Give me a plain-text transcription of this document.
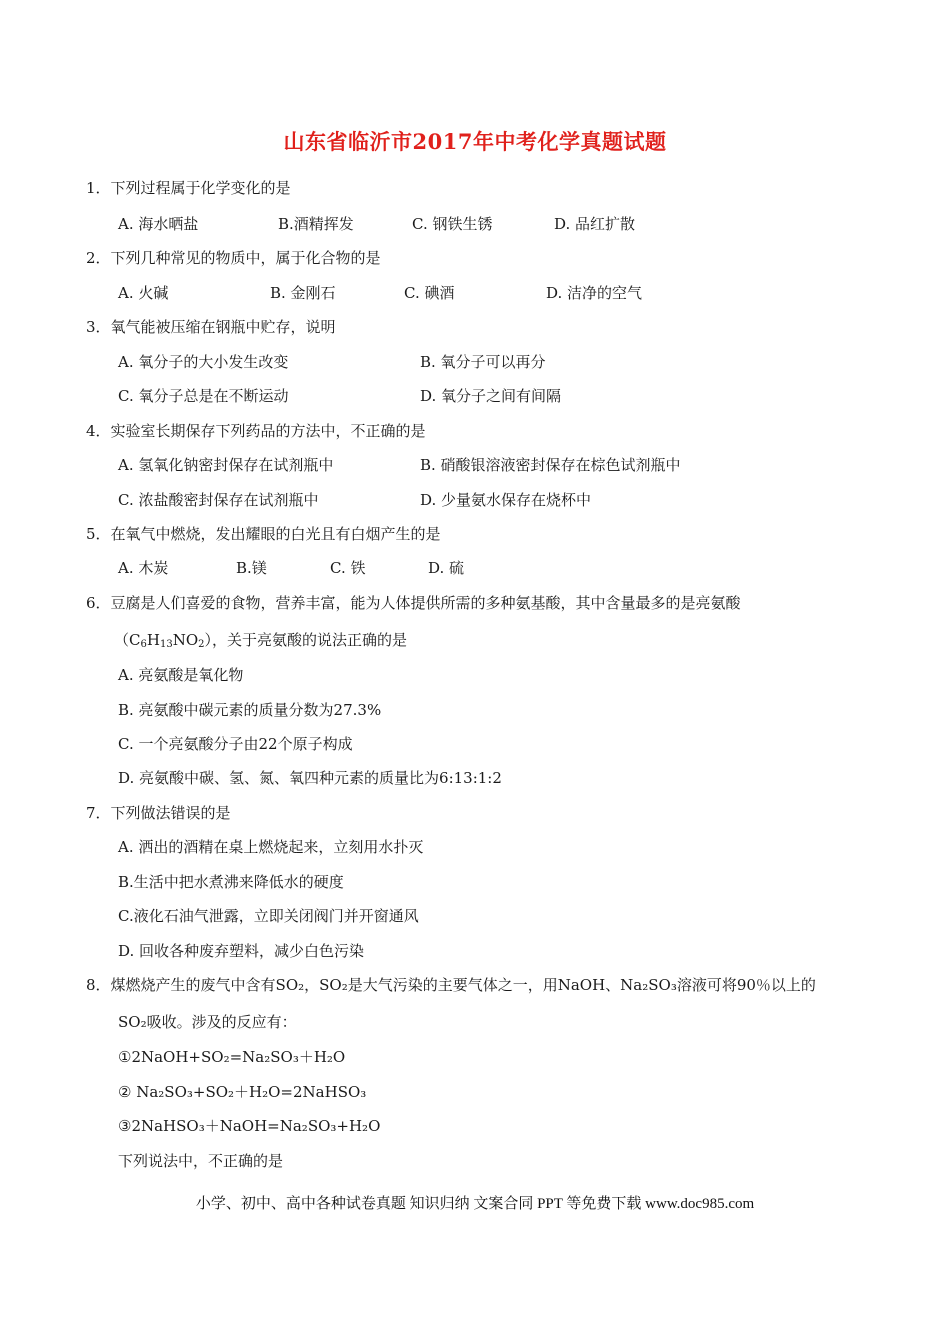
山东省临沂市2017年中考化学真题试题
1．下列过程属于化学变化的是
A. 海水晒盐	B.酒精挥发	C. 钢铁生锈	D. 品红扩散
2．下列几种常见的物质中，属于化合物的是
A. 火碱	B. 金刚石	C. 碘酒	D. 洁净的空气
3．氧气能被压缩在钢瓶中贮存，说明
A. 氧分子的大小发生改变	B. 氧分子可以再分
C. 氧分子总是在不断运动	D. 氧分子之间有间隔
4．实验室长期保存下列药品的方法中，不正确的是
A. 氢氧化钠密封保存在试剂瓶中	B. 硝酸银溶液密封保存在棕色试剂瓶中
C. 浓盐酸密封保存在试剂瓶中	D. 少量氨水保存在烧杯中
5．在氧气中燃烧，发出耀眼的白光且有白烟产生的是
A. 木炭	B.镁	C. 铁	D. 硫
6．豆腐是人们喜爱的食物，营养丰富，能为人体提供所需的多种氨基酸，其中含量最多的是亮氨酸
$(C_6H_{13}NO_2)$，关于亮氨酸的说法正确的是
A. 亮氨酸是氧化物
B. 亮氨酸中碳元素的质量分数为27.3%
C. 一个亮氨酸分子由22个原子构成
D. 亮氨酸中碳、氢、氮、氧四种元素的质量比为6:13:1:2
7．下列做法错误的是
A. 洒出的酒精在桌上燃烧起来，立刻用水扑灭
B.生活中把水煮沸来降低水的硬度
C.液化石油气泄露，立即关闭阀门并开窗通风
D. 回收各种废弃塑料，减少白色污染
8．煤燃烧产生的废气中含有SO₂，SO₂是大气污染的主要气体之一，用NaOH、Na₂SO₃溶液可将90％以上的
SO₂吸收。涉及的反应有：
①2NaOH+SO₂=Na₂SO₃＋H₂O
② Na₂SO₃+SO₂＋H₂O=2NaHSO₃
③2NaHSO₃＋NaOH=Na₂SO₃+H₂O
下列说法中，不正确的是
小学、初中、高中各种试卷真题 知识归纳 文案合同 PPT 等免费下载 www.doc985.com
